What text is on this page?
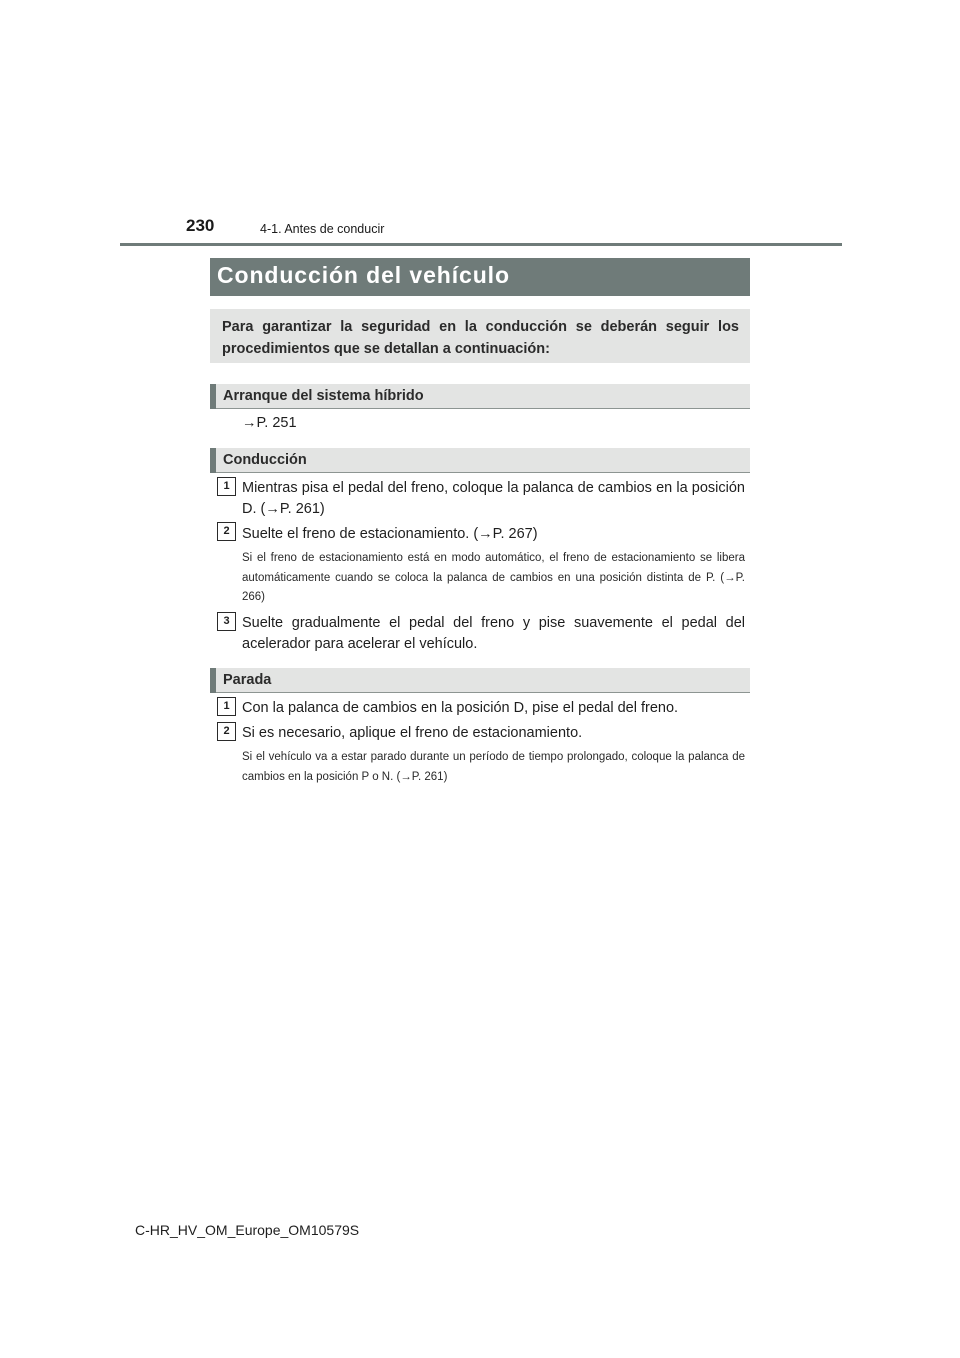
230	4-1. Antes de conducir
Conducción del vehículo
Para garantizar la seguridad en la conducción se deberán seguir los procedimientos que se detallan a continuación:
Arranque del sistema híbrido
→P. 251
Conducción
1 Mientras pisa el pedal del freno, coloque la palanca de cambios en la posición D. (→P. 261)
2 Suelte el freno de estacionamiento. (→P. 267)
Si el freno de estacionamiento está en modo automático, el freno de estacionamiento se libera automáticamente cuando se coloca la palanca de cambios en una posición distinta de P. (→P. 266)
3 Suelte gradualmente el pedal del freno y pise suavemente el pedal del acelerador para acelerar el vehículo.
Parada
1 Con la palanca de cambios en la posición D, pise el pedal del freno.
2 Si es necesario, aplique el freno de estacionamiento.
Si el vehículo va a estar parado durante un período de tiempo prolongado, coloque la palanca de cambios en la posición P o N. (→P. 261)
C-HR_HV_OM_Europe_OM10579S
